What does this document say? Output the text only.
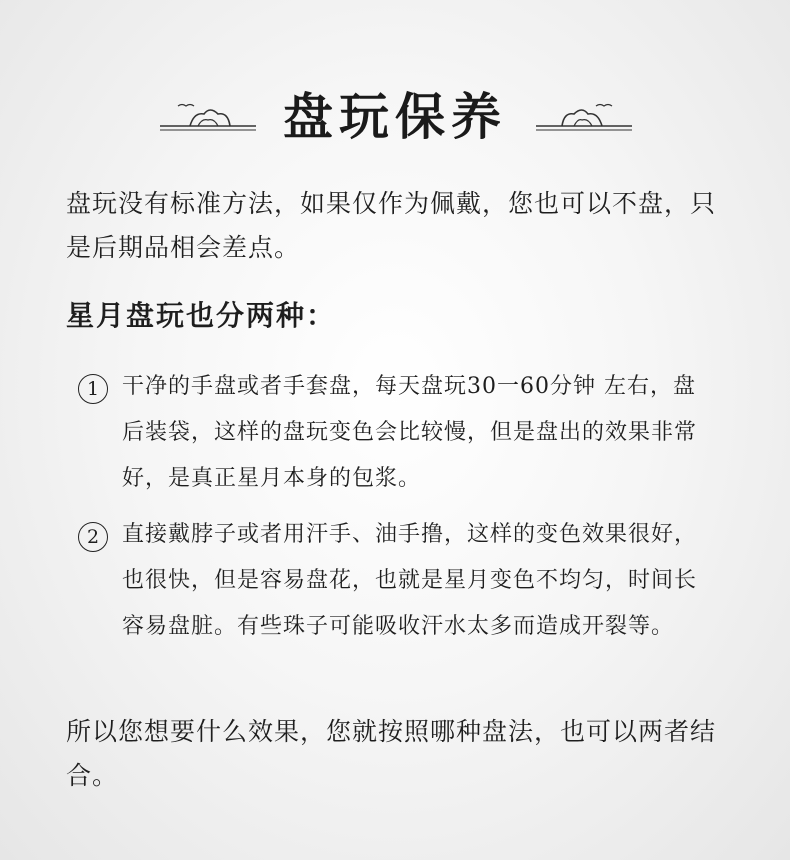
盘玩保养

盘玩没有标准方法，如果仅作为佩戴，您也可以不盘，只是后期品相会差点。

星月盘玩也分两种：

1	干净的手盘或者手套盘，每天盘玩30一60分钟 左右，盘后装袋，这样的盘玩变色会比较慢，但是盘出的效果非常好，是真正星月本身的包浆。

2	直接戴脖子或者用汗手、油手撸，这样的变色效果很好，也很快，但是容易盘花，也就是星月变色不均匀，时间长容易盘脏。有些珠子可能吸收汗水太多而造成开裂等。

所以您想要什么效果，您就按照哪种盘法，也可以两者结合。
